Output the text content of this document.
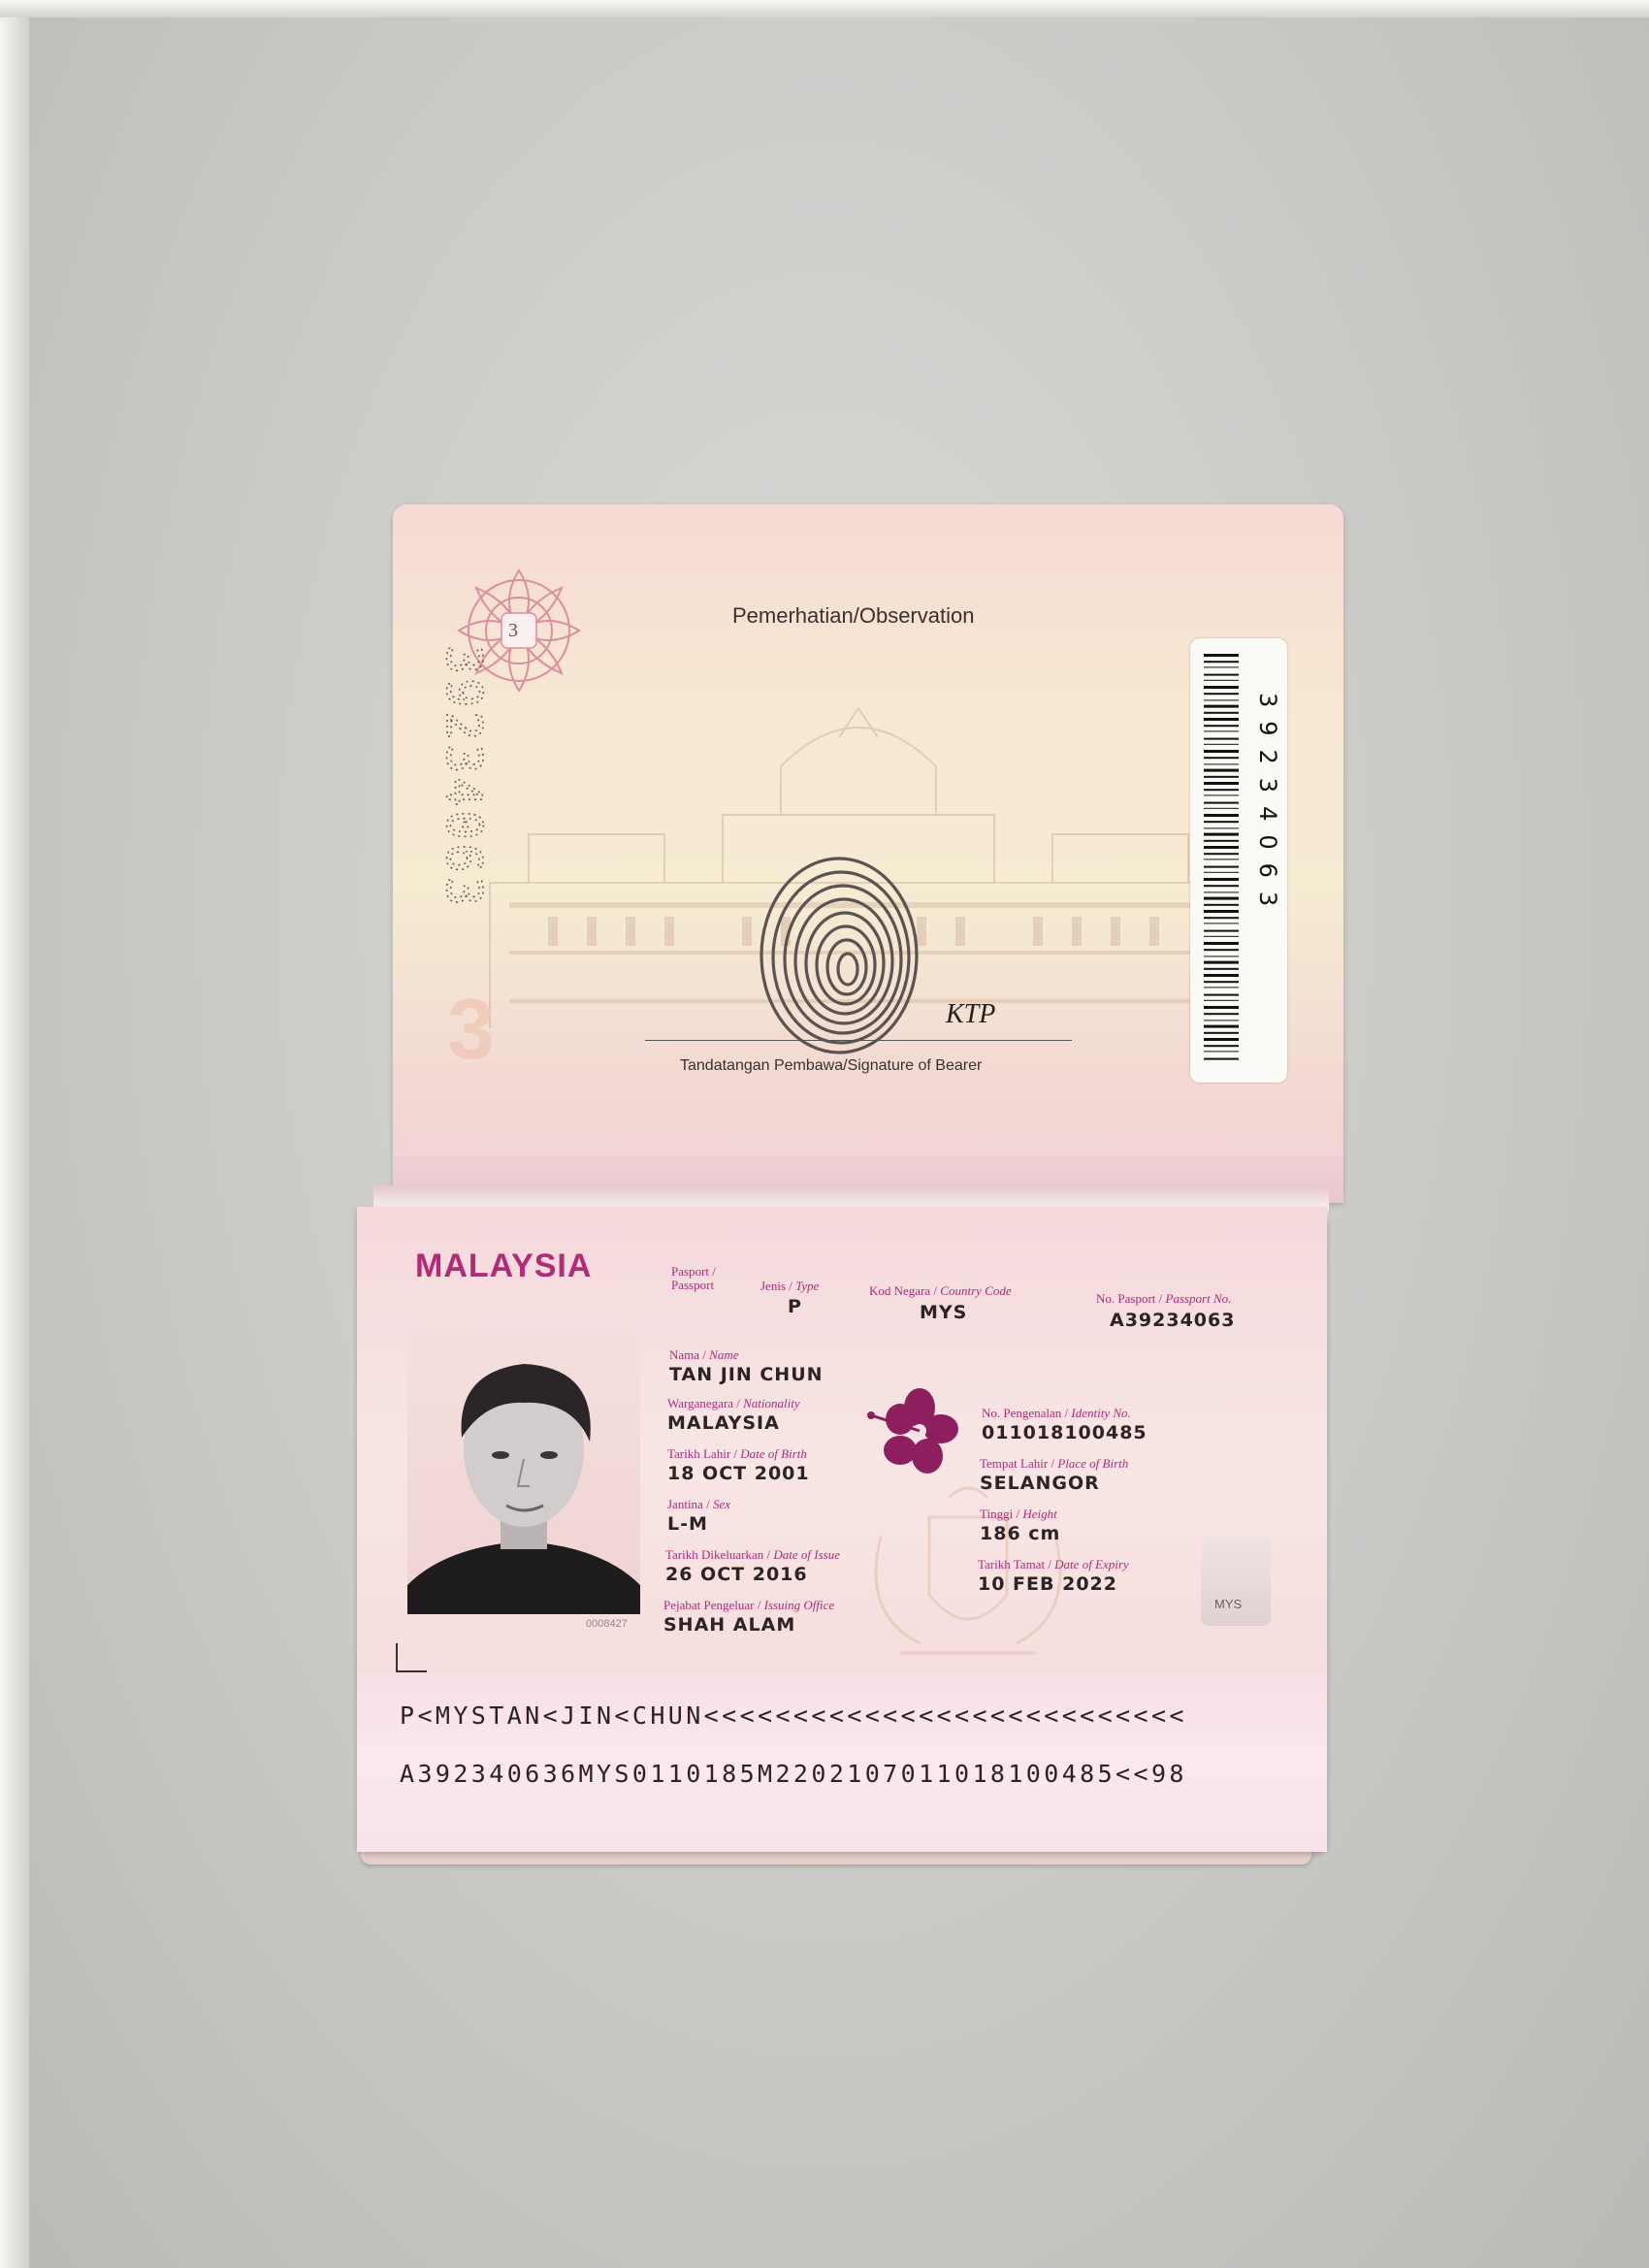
Pemerhatian/Observation
3
39234063
3
39234063
KTP
Tandatangan Pembawa/Signature of Bearer
MALAYSIA	Pasport /
Passport	Jenis / Type
P
Kod Negara / Country Code
MYS
No. Pasport / Passport No.
A39234063
0008427
Nama / Name
TAN JIN CHUN
Warganegara / Nationality
MALAYSIA
Tarikh Lahir / Date of Birth
18 OCT 2001
Jantina / Sex
L-M
Tarikh Dikeluarkan / Date of Issue
26 OCT 2016
Pejabat Pengeluar / Issuing Office
SHAH ALAM
No. Pengenalan / Identity No.
011018100485
Tempat Lahir / Place of Birth
SELANGOR
Tinggi / Height
186 cm
Tarikh Tamat / Date of Expiry
10 FEB 2022
MYS
P<MYSTAN<JIN<CHUN<<<<<<<<<<<<<<<<<<<<<<<<<<<
A392340636MYS0110185M2202107011018100485<<98
